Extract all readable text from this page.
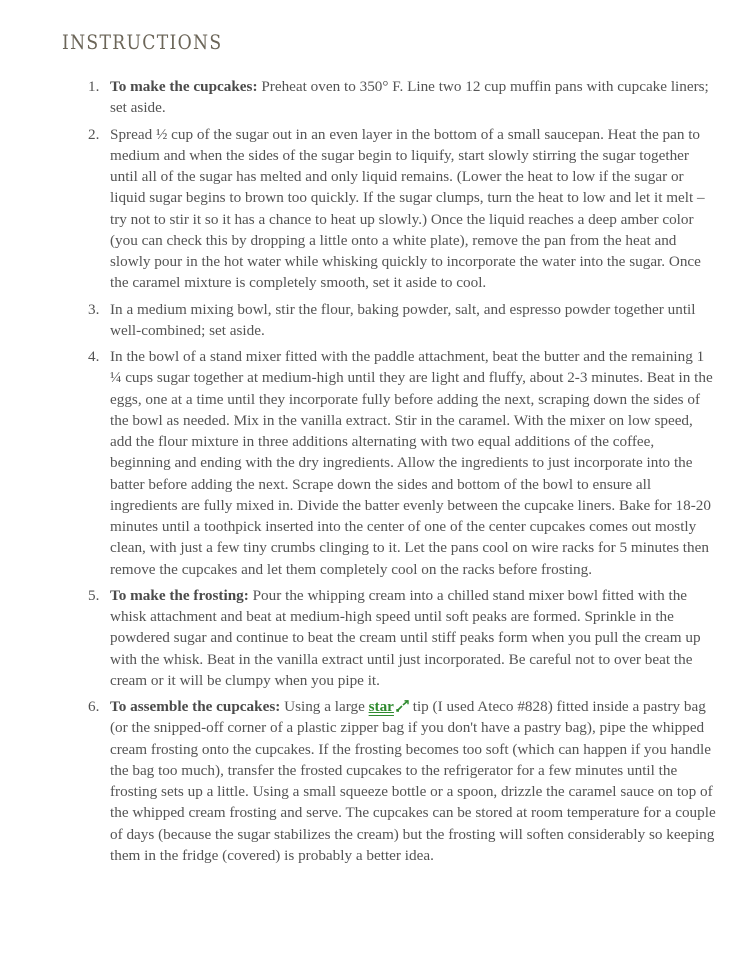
INSTRUCTIONS
1. To make the cupcakes: Preheat oven to 350° F. Line two 12 cup muffin pans with cupcake liners; set aside.
2. Spread ½ cup of the sugar out in an even layer in the bottom of a small saucepan. Heat the pan to medium and when the sides of the sugar begin to liquify, start slowly stirring the sugar together until all of the sugar has melted and only liquid remains. (Lower the heat to low if the sugar or liquid sugar begins to brown too quickly. If the sugar clumps, turn the heat to low and let it melt – try not to stir it so it has a chance to heat up slowly.) Once the liquid reaches a deep amber color (you can check this by dropping a little onto a white plate), remove the pan from the heat and slowly pour in the hot water while whisking quickly to incorporate the water into the sugar. Once the caramel mixture is completely smooth, set it aside to cool.
3. In a medium mixing bowl, stir the flour, baking powder, salt, and espresso powder together until well-combined; set aside.
4. In the bowl of a stand mixer fitted with the paddle attachment, beat the butter and the remaining 1 ¼ cups sugar together at medium-high until they are light and fluffy, about 2-3 minutes. Beat in the eggs, one at a time until they incorporate fully before adding the next, scraping down the sides of the bowl as needed. Mix in the vanilla extract. Stir in the caramel. With the mixer on low speed, add the flour mixture in three additions alternating with two equal additions of the coffee, beginning and ending with the dry ingredients. Allow the ingredients to just incorporate into the batter before adding the next. Scrape down the sides and bottom of the bowl to ensure all ingredients are fully mixed in. Divide the batter evenly between the cupcake liners. Bake for 18-20 minutes until a toothpick inserted into the center of one of the center cupcakes comes out mostly clean, with just a few tiny crumbs clinging to it. Let the pans cool on wire racks for 5 minutes then remove the cupcakes and let them completely cool on the racks before frosting.
5. To make the frosting: Pour the whipping cream into a chilled stand mixer bowl fitted with the whisk attachment and beat at medium-high speed until soft peaks are formed. Sprinkle in the powdered sugar and continue to beat the cream until stiff peaks form when you pull the cream up with the whisk. Beat in the vanilla extract until just incorporated. Be careful not to over beat the cream or it will be clumpy when you pipe it.
6. To assemble the cupcakes: Using a large star tip (I used Ateco #828) fitted inside a pastry bag (or the snipped-off corner of a plastic zipper bag if you don't have a pastry bag), pipe the whipped cream frosting onto the cupcakes. If the frosting becomes too soft (which can happen if you handle the bag too much), transfer the frosted cupcakes to the refrigerator for a few minutes until the frosting sets up a little. Using a small squeeze bottle or a spoon, drizzle the caramel sauce on top of the whipped cream frosting and serve. The cupcakes can be stored at room temperature for a couple of days (because the sugar stabilizes the cream) but the frosting will soften considerably so keeping them in the fridge (covered) is probably a better idea.
